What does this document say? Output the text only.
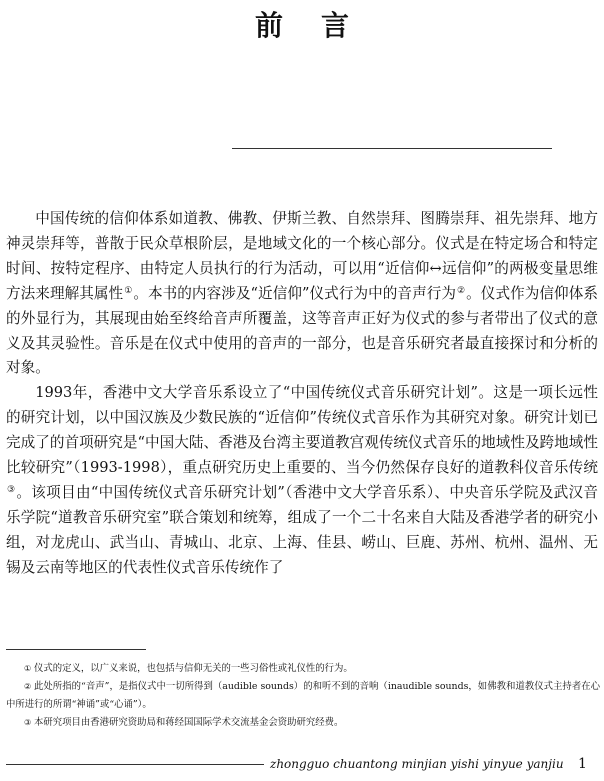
前言

中国传统的信仰体系如道教、佛教、伊斯兰教、自然崇拜、图腾崇拜、祖先崇拜、地方神灵崇拜等，普散于民众草根阶层，是地域文化的一个核心部分。仪式是在特定场合和特定时间、按特定程序、由特定人员执行的行为活动，可以用“近信仰↔远信仰”的两极变量思维方法来理解其属性①。本书的内容涉及“近信仰”仪式行为中的音声行为②。仪式作为信仰体系的外显行为，其展现由始至终给音声所覆盖，这等音声正好为仪式的参与者带出了仪式的意义及其灵验性。音乐是在仪式中使用的音声的一部分，也是音乐研究者最直接探讨和分析的对象。

1993年，香港中文大学音乐系设立了“中国传统仪式音乐研究计划”。这是一项长远性的研究计划，以中国汉族及少数民族的“近信仰”传统仪式音乐作为其研究对象。研究计划已完成了的首项研究是“中国大陆、香港及台湾主要道教宫观传统仪式音乐的地域性及跨地域性比较研究”（1993-1998），重点研究历史上重要的、当今仍然保存良好的道教科仪音乐传统③。该项目由“中国传统仪式音乐研究计划”（香港中文大学音乐系）、中央音乐学院及武汉音乐学院“道教音乐研究室”联合策划和统筹，组成了一个二十名来自大陆及香港学者的研究小组，对龙虎山、武当山、青城山、北京、上海、佳县、崂山、巨鹿、苏州、杭州、温州、无锡及云南等地区的代表性仪式音乐传统作了

① 仪式的定义，以广义来说，也包括与信仰无关的一些习俗性或礼仪性的行为。

② 此处所指的“音声”，是指仪式中一切所得到（audible sounds）的和听不到的音响（inaudible sounds，如佛教和道教仪式主持者在心中所进行的所谓“神诵”或“心诵”）。

③ 本研究项目由香港研究资助局和蒋经国国际学术交流基金会资助研究经费。

zhongguo chuantong minjian yishi yinyue yanjiu 1
